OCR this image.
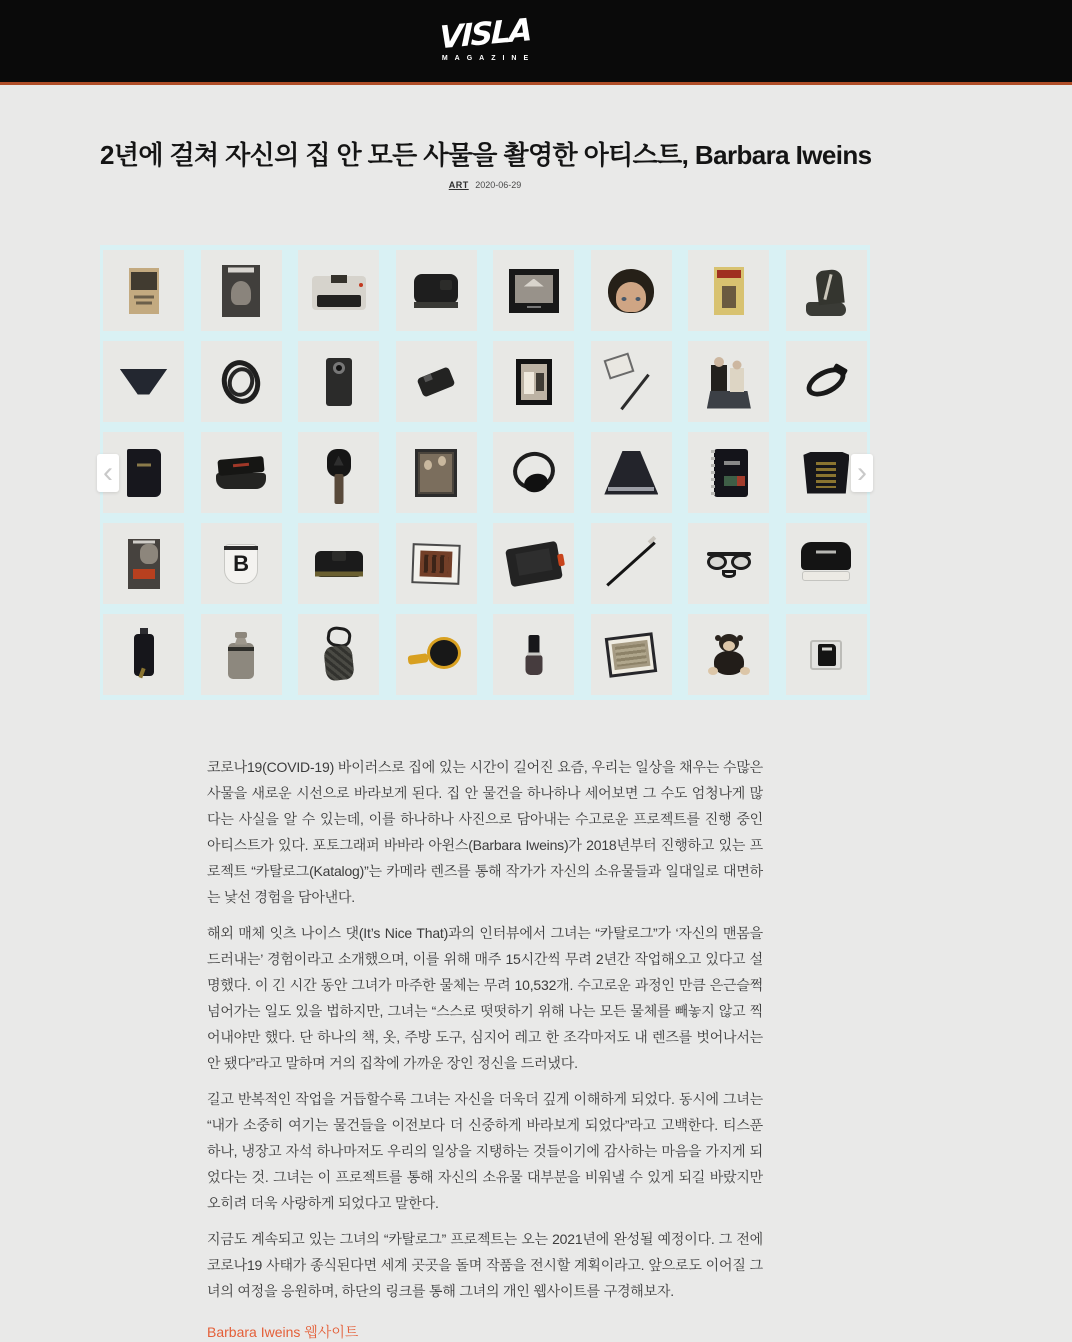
VISLA
MAGAZINE
2년에 걸쳐 자신의 집 안 모든 사물을 촬영한 아티스트, Barbara Iweins
ART 2020-06-29
B
‹	›

코로나19(COVID-19) 바이러스로 집에 있는 시간이 길어진 요즘, 우리는 일상을 채우는 수많은 사물을 새로운 시선으로 바라보게 된다. 집 안 물건을 하나하나 세어보면 그 수도 엄청나게 많다는 사실을 알 수 있는데, 이를 하나하나 사진으로 담아내는 수고로운 프로젝트를 진행 중인 아티스트가 있다. 포토그래퍼 바바라 아윈스(Barbara Iweins)가 2018년부터 진행하고 있는 프로젝트 “카탈로그(Katalog)”는 카메라 렌즈를 통해 작가가 자신의 소유물들과 일대일로 대면하는 낯선 경험을 담아낸다.

해외 매체 잇츠 나이스 댓(It’s Nice That)과의 인터뷰에서 그녀는 “카탈로그”가 ‘자신의 맨몸을 드러내는’ 경험이라고 소개했으며, 이를 위해 매주 15시간씩 무려 2년간 작업해오고 있다고 설명했다. 이 긴 시간 동안 그녀가 마주한 물체는 무려 10,532개. 수고로운 과정인 만큼 은근슬쩍 넘어가는 일도 있을 법하지만, 그녀는 “스스로 떳떳하기 위해 나는 모든 물체를 빼놓지 않고 찍어내야만 했다. 단 하나의 책, 옷, 주방 도구, 심지어 레고 한 조각마저도 내 렌즈를 벗어나서는 안 됐다”라고 말하며 거의 집착에 가까운 장인 정신을 드러냈다.

길고 반복적인 작업을 거듭할수록 그녀는 자신을 더욱더 깊게 이해하게 되었다. 동시에 그녀는 “내가 소중히 여기는 물건들을 이전보다 더 신중하게 바라보게 되었다”라고 고백한다. 티스푼 하나, 냉장고 자석 하나마저도 우리의 일상을 지탱하는 것들이기에 감사하는 마음을 가지게 되었다는 것. 그녀는 이 프로젝트를 통해 자신의 소유물 대부분을 비워낼 수 있게 되길 바랐지만 오히려 더욱 사랑하게 되었다고 말한다.

지금도 계속되고 있는 그녀의 “카탈로그” 프로젝트는 오는 2021년에 완성될 예정이다. 그 전에 코로나19 사태가 종식된다면 세계 곳곳을 돌며 작품을 전시할 계획이라고. 앞으로도 이어질 그녀의 여정을 응원하며, 하단의 링크를 통해 그녀의 개인 웹사이트를 구경해보자.

Barbara Iweins 웹사이트
